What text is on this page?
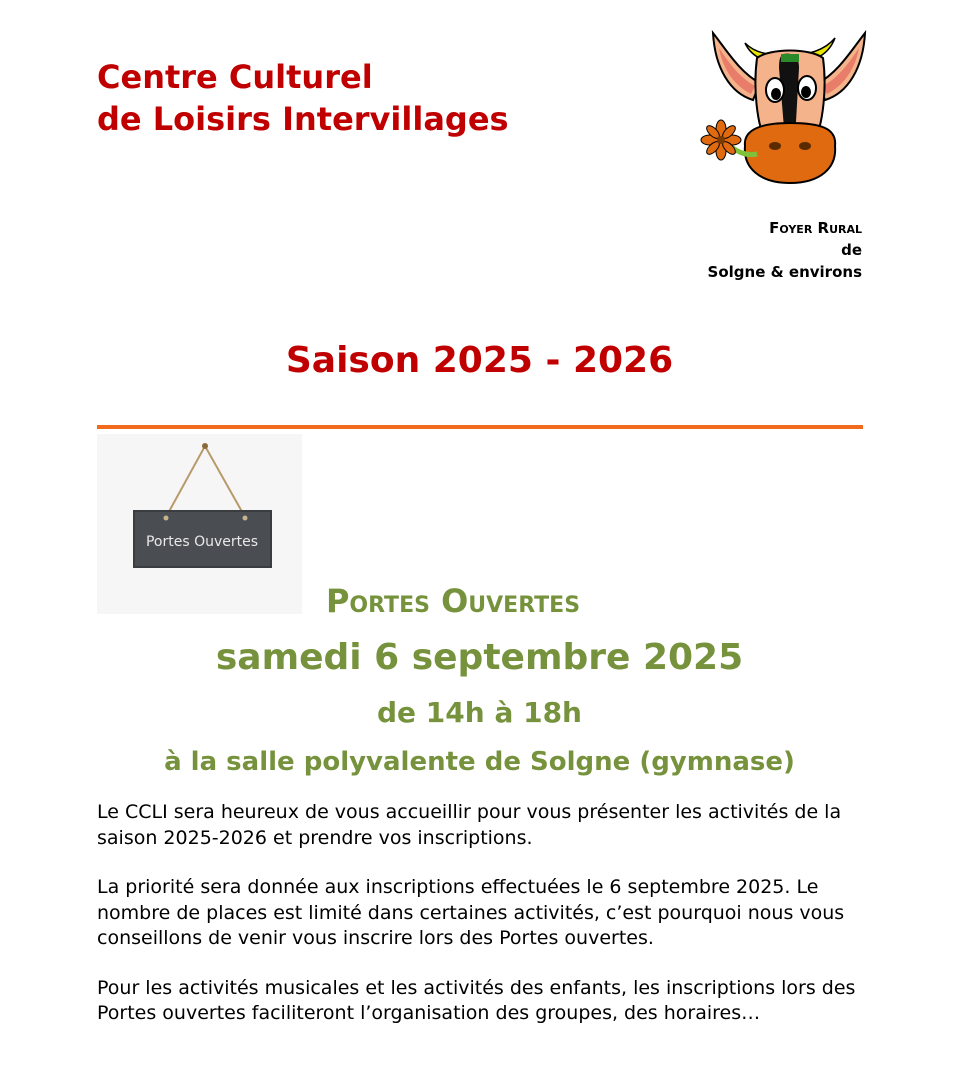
Centre Culturel
de Loisirs Intervillages
Foyer Rural
de
Solgne & environs
Saison 2025 - 2026
Portes Ouvertes
Portes Ouvertes
samedi 6 septembre 2025
de 14h à 18h
à la salle polyvalente de Solgne (gymnase)

Le CCLI sera heureux de vous accueillir pour vous présenter les activités de la saison 2025-2026 et prendre vos inscriptions.

La priorité sera donnée aux inscriptions effectuées le 6 septembre 2025. Le nombre de places est limité dans certaines activités, c’est pourquoi nous vous conseillons de venir vous inscrire lors des Portes ouvertes.

Pour les activités musicales et les activités des enfants, les inscriptions lors des Portes ouvertes faciliteront l’organisation des groupes, des horaires…
